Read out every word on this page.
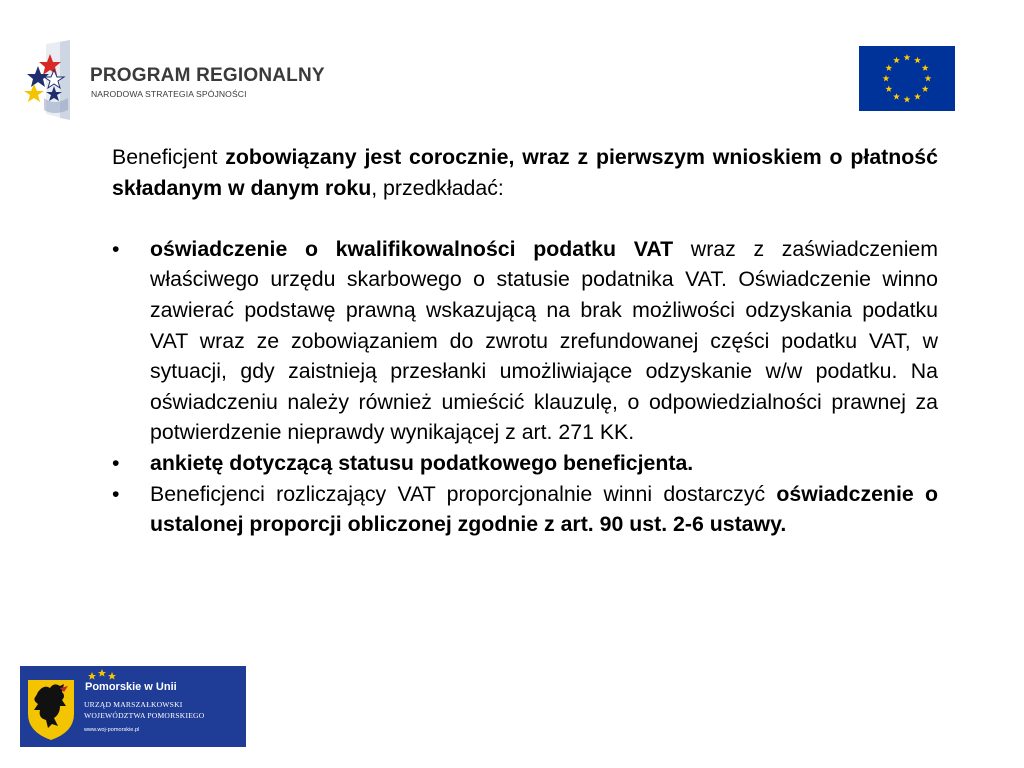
PROGRAM REGIONALNY
NARODOWA STRATEGIA SPÓJNOŚCI

Beneficjent zobowiązany jest corocznie, wraz z pierwszym wnioskiem o płatność składanym w danym roku, przedkładać:

•	oświadczenie o kwalifikowalności podatku VAT wraz z zaświadczeniem właściwego urzędu skarbowego o statusie podatnika VAT. Oświadczenie winno zawierać podstawę prawną wskazującą na brak możliwości odzyskania podatku VAT wraz ze zobowiązaniem do zwrotu zrefundowanej części podatku VAT, w sytuacji, gdy zaistnieją przesłanki umożliwiające odzyskanie w/w podatku. Na oświadczeniu należy również umieścić klauzulę, o odpowiedzialności prawnej za potwierdzenie nieprawdy wynikającej z art. 271 KK.
•	ankietę dotyczącą statusu podatkowego beneficjenta.
•	Beneficjenci rozliczający VAT proporcjonalnie winni dostarczyć oświadczenie o ustalonej proporcji obliczonej zgodnie z art. 90 ust. 2-6 ustawy.
Pomorskie w Unii
URZĄD MARSZAŁKOWSKI
WOJEWÓDZTWA POMORSKIEGO
www.woj-pomorskie.pl
